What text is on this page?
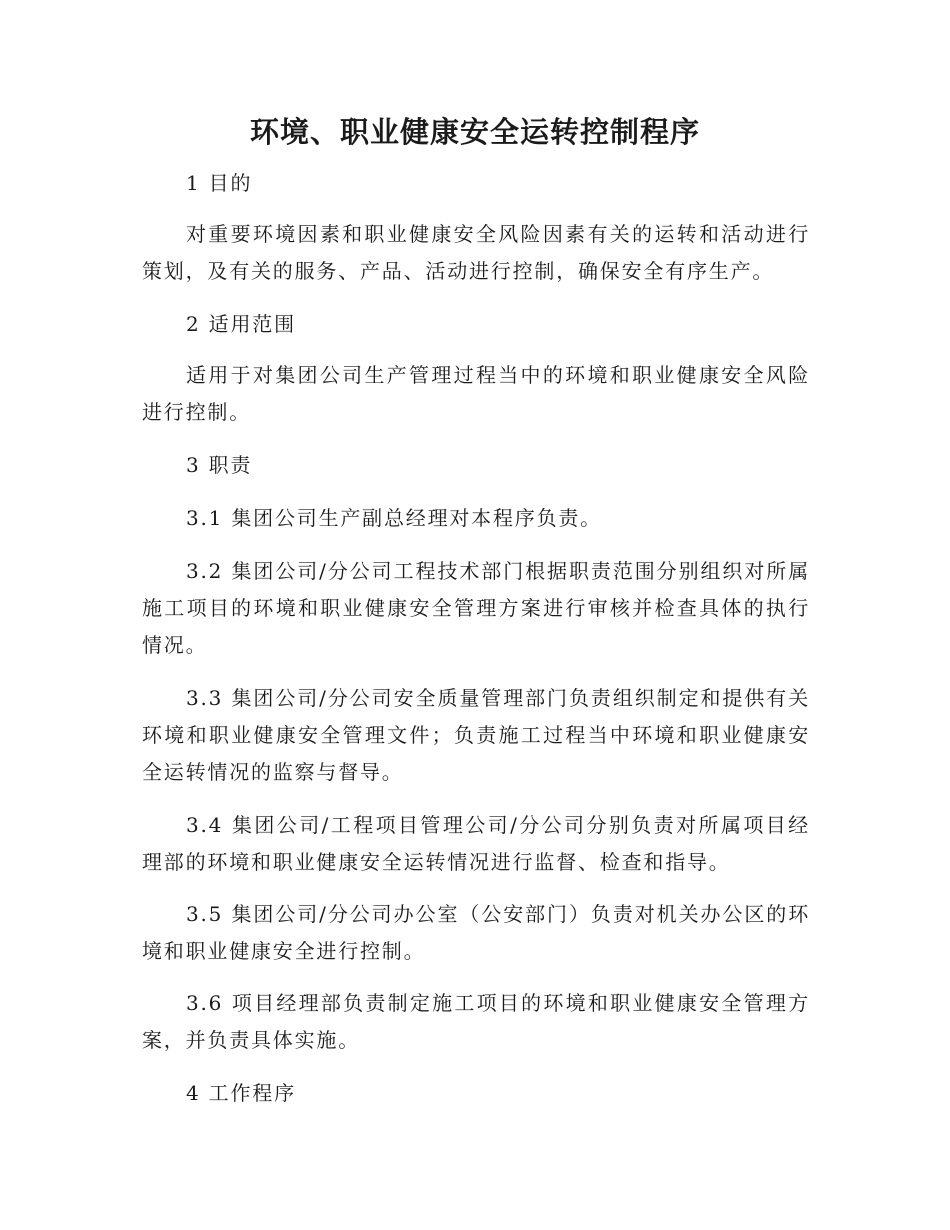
环境、职业健康安全运转控制程序

1 目的

对重要环境因素和职业健康安全风险因素有关的运转和活动进行策划，及有关的服务、产品、活动进行控制，确保安全有序生产。

2 适用范围

适用于对集团公司生产管理过程当中的环境和职业健康安全风险进行控制。

3 职责

3.1 集团公司生产副总经理对本程序负责。

3.2 集团公司/分公司工程技术部门根据职责范围分别组织对所属施工项目的环境和职业健康安全管理方案进行审核并检查具体的执行情况。

3.3 集团公司/分公司安全质量管理部门负责组织制定和提供有关环境和职业健康安全管理文件；负责施工过程当中环境和职业健康安全运转情况的监察与督导。

3.4 集团公司/工程项目管理公司/分公司分别负责对所属项目经理部的环境和职业健康安全运转情况进行监督、检查和指导。

3.5 集团公司/分公司办公室（公安部门）负责对机关办公区的环境和职业健康安全进行控制。

3.6 项目经理部负责制定施工项目的环境和职业健康安全管理方案，并负责具体实施。

4 工作程序
